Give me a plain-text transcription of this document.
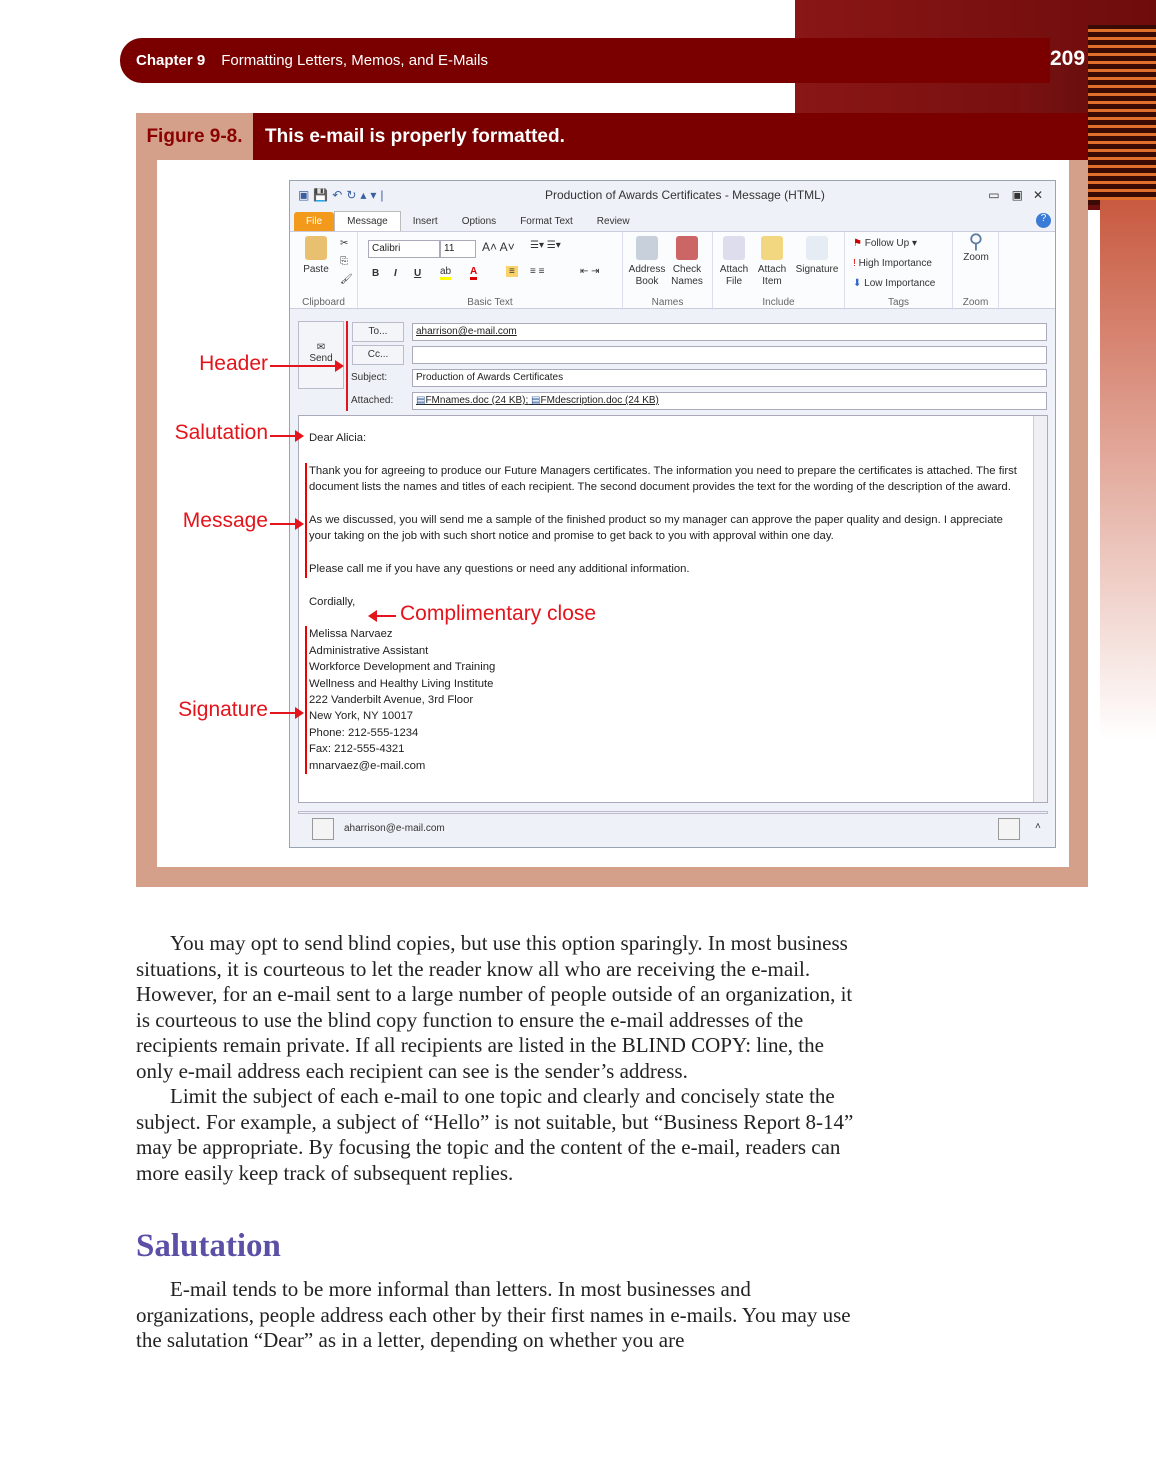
Chapter 9 Formatting Letters, Memos, and E-Mails	209
Figure 9-8.	This e-mail is properly formatted.
▣💾↶↻▴▾|	Production of Awards Certificates - Message (HTML)	▭ ▣ ✕
File	Message	Insert	Options	Format Text	Review	?

Paste
✂
⎘
🖌
Clipboard
Calibri	11	A˄ A˅ ☰▾ ☰▾
B I U ab A	≡	≡ ≡	⇤ ⇥
Basic Text

Address Book

Check Names
Names

Attach File

Attach Item

Signature
Include
⚑ Follow Up ▾
! High Importance
⬇ Low Importance
Tags
⚲
Zoom
Zoom
✉
Send
To...
Cc...
Subject:
Attached:
aharrison@e-mail.com
Production of Awards Certificates
▤FMnames.doc (24 KB); ▤FMdescription.doc (24 KB)

Dear Alicia:

Thank you for agreeing to produce our Future Managers certificates. The information you need to prepare the certificates is attached. The first document lists the names and titles of each recipient. The second document provides the text for the wording of the description of the award.

As we discussed, you will send me a sample of the finished product so my manager can approve the paper quality and design. I appreciate your taking on the job with such short notice and promise to get back to you with approval within one day.

Please call me if you have any questions or need any additional information.

Cordially,

Melissa Narvaez
Administrative Assistant
Workforce Development and Training
Wellness and Healthy Living Institute
222 Vanderbilt Avenue, 3rd Floor
New York, NY 10017
Phone: 212-555-1234
Fax: 212-555-4321
mnarvaez@e-mail.com
aharrison@e-mail.com	˄
Header
Salutation
Message
Signature
Complimentary close

You may opt to send blind copies, but use this option sparingly. In most business situations, it is courteous to let the reader know all who are receiving the e-mail. However, for an e-mail sent to a large number of people outside of an organization, it is courteous to use the blind copy function to ensure the e-mail addresses of the recipients remain private. If all recipients are listed in the BLIND COPY: line, the only e-mail address each recipient can see is the sender’s address.

Limit the subject of each e-mail to one topic and clearly and concisely state the subject. For example, a subject of “Hello” is not suitable, but “Business Report 8-14” may be appropriate. By focusing the topic and the content of the e-mail, readers can more easily keep track of subsequent replies.

Salutation
E-mail tends to be more informal than letters. In most businesses and organizations, people address each other by their first names in e-mails. You may use the salutation “Dear” as in a letter, depending on whether you are
